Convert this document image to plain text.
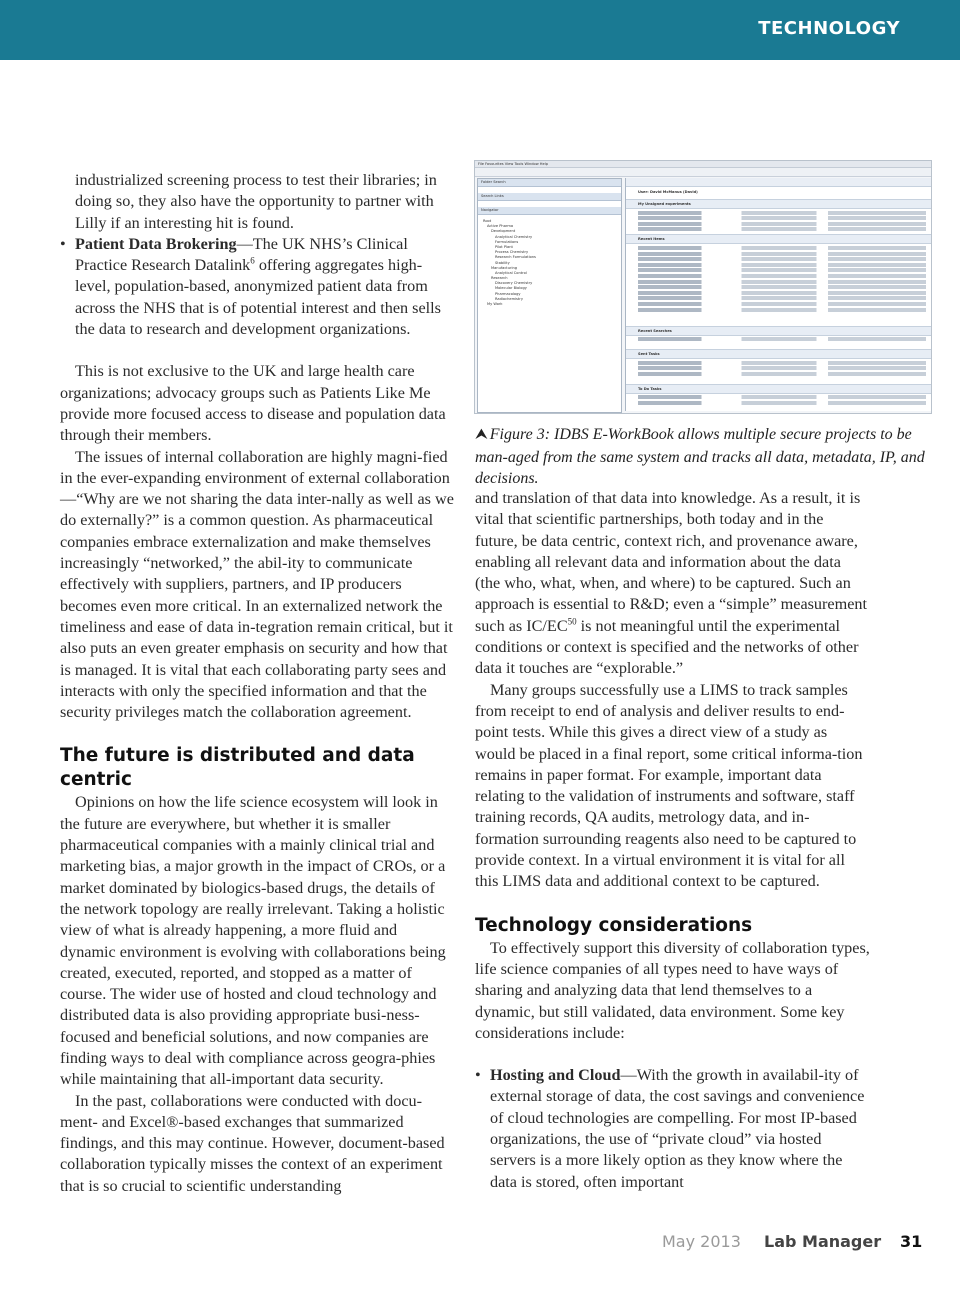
TECHNOLOGY
industrialized screening process to test their libraries; in doing so, they also have the opportunity to partner with Lilly if an interesting hit is found.
• Patient Data Brokering—The UK NHS’s Clinical Practice Research Datalink$^6$ offering aggregates high-level, population-based, anonymized patient data from across the NHS that is of potential interest and then sells the data to research and development organizations.

This is not exclusive to the UK and large health care organizations; advocacy groups such as Patients Like Me provide more focused access to disease and population data through their members.

The issues of internal collaboration are highly magni-fied in the ever-expanding environment of external collaboration—“Why are we not sharing the data inter-nally as well as we do externally?” is a common question. As pharmaceutical companies embrace externalization and make themselves increasingly “networked,” the abil-ity to communicate effectively with suppliers, partners, and IP producers becomes even more critical. In an externalized network the timeliness and ease of data in-tegration remain critical, but it also puts an even greater emphasis on security and how that is managed. It is vital that each collaborating party sees and interacts with only the specified information and that the security privileges match the collaboration agreement.

The future is distributed and data centric

Opinions on how the life science ecosystem will look in the future are everywhere, but whether it is smaller pharmaceutical companies with a mainly clinical trial and marketing bias, a major growth in the impact of CROs, or a market dominated by biologics-based drugs, the details of the network topology are really irrelevant. Taking a holistic view of what is already happening, a more fluid and dynamic environment is evolving with collaborations being created, executed, reported, and stopped as a matter of course. The wider use of hosted and cloud technology and distributed data is also providing appropriate busi-ness-focused and beneficial solutions, and now companies are finding ways to deal with compliance across geogra-phies while maintaining that all-important data security.

In the past, collaborations were conducted with docu-ment- and Excel®-based exchanges that summarized findings, and this may continue. However, document-based collaboration typically misses the context of an experiment that is so crucial to scientific understanding

File Favourites View Tools Window Help
Folder Search
Search Links
Navigator
Root
Active Pharma
Development
Analytical Chemistry
Formulations
Pilot Plant
Process Chemistry
Research Formulations
Stability
Manufacturing
Analytical Control
Research
Discovery Chemistry
Molecular Biology
Pharmacology
Radiochemistry
My Work
User: David McManus (David)
My Unsigned experiments
Recent Items
Recent Searches
Sent Tasks
To Do Tasks
⮝ Figure 3: IDBS E-WorkBook allows multiple secure projects to be man-aged from the same system and tracks all data, metadata, IP, and decisions.

and translation of that data into knowledge. As a result, it is vital that scientific partnerships, both today and in the future, be data centric, context rich, and provenance aware, enabling all relevant data and information about the data (the who, what, when, and where) to be captured. Such an approach is essential to R&D; even a “simple” measurement such as IC/EC$^{50}$ is not meaningful until the experimental conditions or context is specified and the networks of other data it touches are “explorable.”

Many groups successfully use a LIMS to track samples from receipt to end of analysis and deliver results to end-point tests. While this gives a direct view of a study as would be placed in a final report, some critical informa-tion remains in paper format. For example, important data relating to the validation of instruments and software, staff training records, QA audits, metrology data, and in-formation surrounding reagents also need to be captured to provide context. In a virtual environment it is vital for all this LIMS data and additional context to be captured.

Technology considerations

To effectively support this diversity of collaboration types, life science companies of all types need to have ways of sharing and analyzing data that lend themselves to a dynamic, but still validated, data environment. Some key considerations include:

• Hosting and Cloud—With the growth in availabil-ity of external storage of data, the cost savings and convenience of cloud technologies are compelling. For most IP-based organizations, the use of “private cloud” via hosted servers is a more likely option as they know where the data is stored, often important
May 2013 Lab Manager 31
